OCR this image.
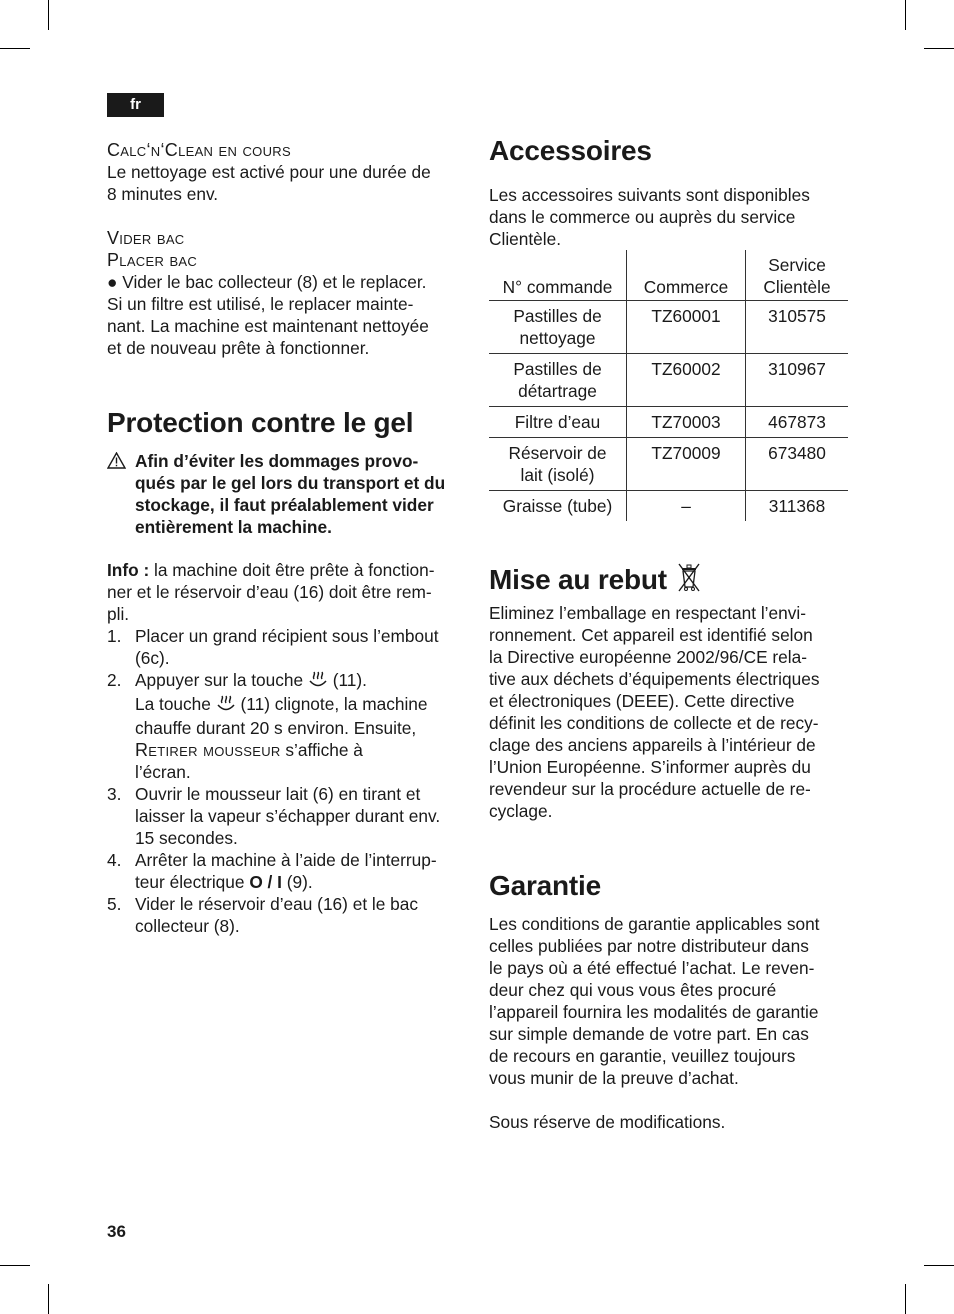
fr
Calc‘n‘Clean en cours
Le nettoyage est activé pour une durée de
8 minutes env.
Vider bac
Placer bac
● Vider le bac collecteur (8) et le replacer.
Si un filtre est utilisé, le replacer mainte-
nant. La machine est maintenant nettoyée
et de nouveau prête à fonctionner.
Protection contre le gel
Afin d’éviter les dommages provo-
qués par le gel lors du transport et du
stockage, il faut préalablement vider
entièrement la machine.
Info : la machine doit être prête à fonction-
ner et le réservoir d’eau (16) doit être rem-
pli.
1. Placer un grand récipient sous l’embout
(6c).
2. Appuyer sur la touche  (11).
La touche  (11) clignote, la machine
chauffe durant 20 s environ. Ensuite,
Retirer mousseur s’affiche à
l’écran.
3. Ouvrir le mousseur lait (6) en tirant et
laisser la vapeur s’échapper durant env.
15 secondes.
4. Arrêter la machine à l’aide de l’interrup-
teur électrique O / I (9).
5. Vider le réservoir d’eau (16) et le bac
collecteur (8).
Accessoires
Les accessoires suivants sont disponibles
dans le commerce ou auprès du service
Clientèle.
N° commande	Commerce	Service
Clientèle

Pastilles de
nettoyage	TZ60001	310575

Pastilles de
détartrage	TZ60002	310967

Filtre d’eau	TZ70003	467873

Réservoir de
lait (isolé)	TZ70009	673480

Graisse (tube)	–	311368
Mise au rebut
Eliminez l’emballage en respectant l’envi-
ronnement. Cet appareil est identifié selon
la Directive européenne 2002/96/CE rela-
tive aux déchets d’équipements électriques
et électroniques (DEEE). Cette directive
définit les conditions de collecte et de recy-
clage des anciens appareils à l’intérieur de
l’Union Européenne. S’informer auprès du
revendeur sur la procédure actuelle de re-
cyclage.
Garantie
Les conditions de garantie applicables sont
celles publiées par notre distributeur dans
le pays où a été effectué l’achat. Le reven-
deur chez qui vous vous êtes procuré
l’appareil fournira les modalités de garantie
sur simple demande de votre part. En cas
de recours en garantie, veuillez toujours
vous munir de la preuve d’achat.
Sous réserve de modifications.
36
